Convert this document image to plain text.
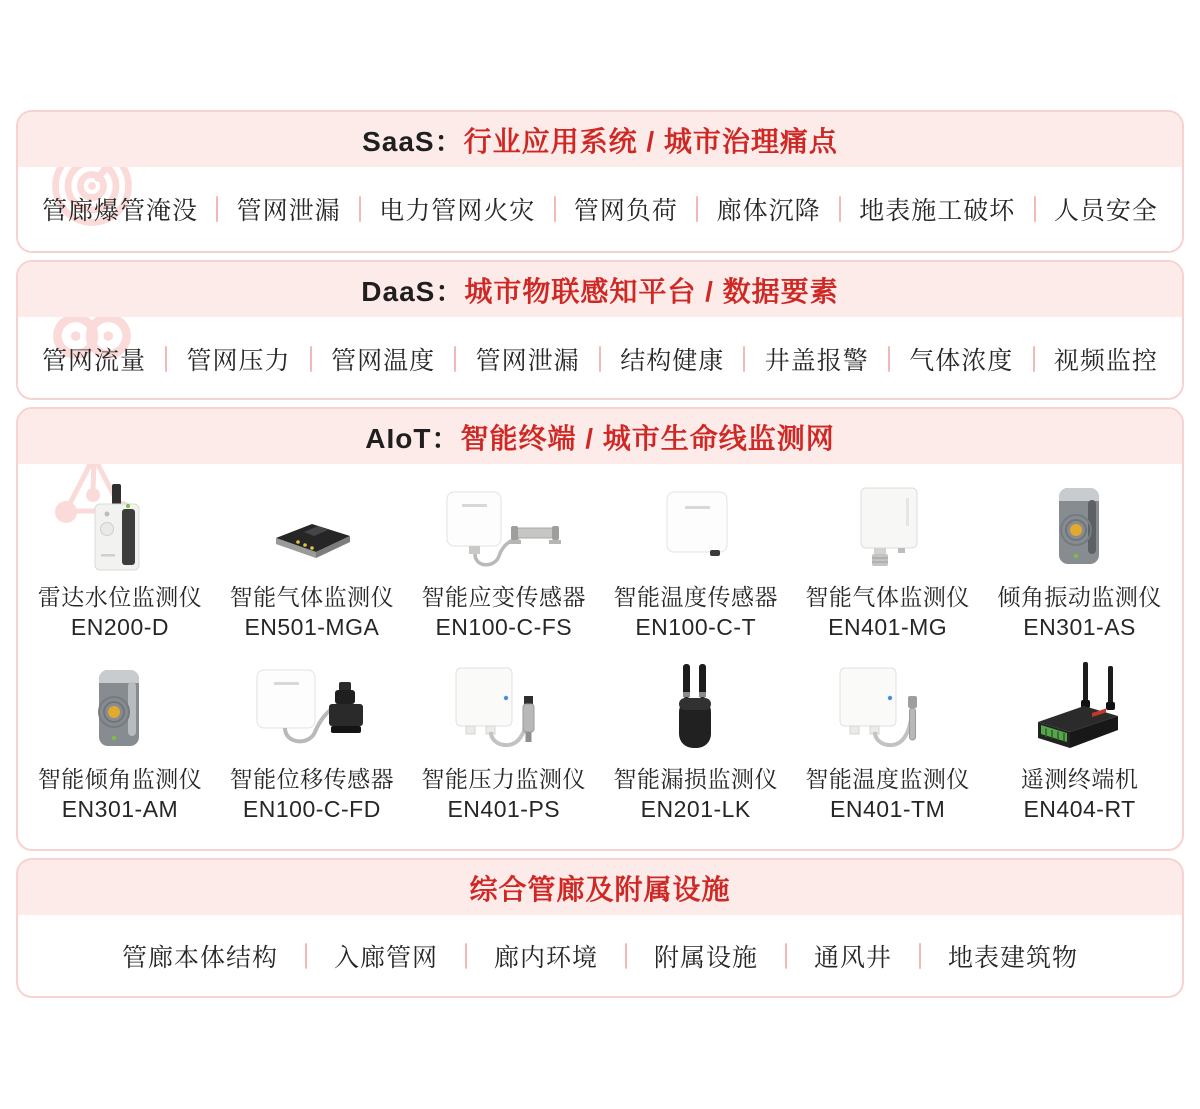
SaaS：行业应用系统 / 城市治理痛点
管廊爆管淹没 管网泄漏 电力管网火灾 管网负荷 廊体沉降 地表施工破坏 人员安全
DaaS：城市物联感知平台 / 数据要素
管网流量 管网压力 管网温度 管网泄漏 结构健康 井盖报警 气体浓度 视频监控
AIoT：智能终端 / 城市生命线监测网
雷达水位监测仪
EN200-D
智能气体监测仪
EN501-MGA
智能应变传感器
EN100-C-FS
智能温度传感器
EN100-C-T
智能气体监测仪
EN401-MG
倾角振动监测仪
EN301-AS
智能倾角监测仪
EN301-AM
智能位移传感器
EN100-C-FD
智能压力监测仪
EN401-PS
智能漏损监测仪
EN201-LK
智能温度监测仪
EN401-TM
遥测终端机
EN404-RT
综合管廊及附属设施
管廊本体结构 入廊管网 廊内环境 附属设施 通风井 地表建筑物
